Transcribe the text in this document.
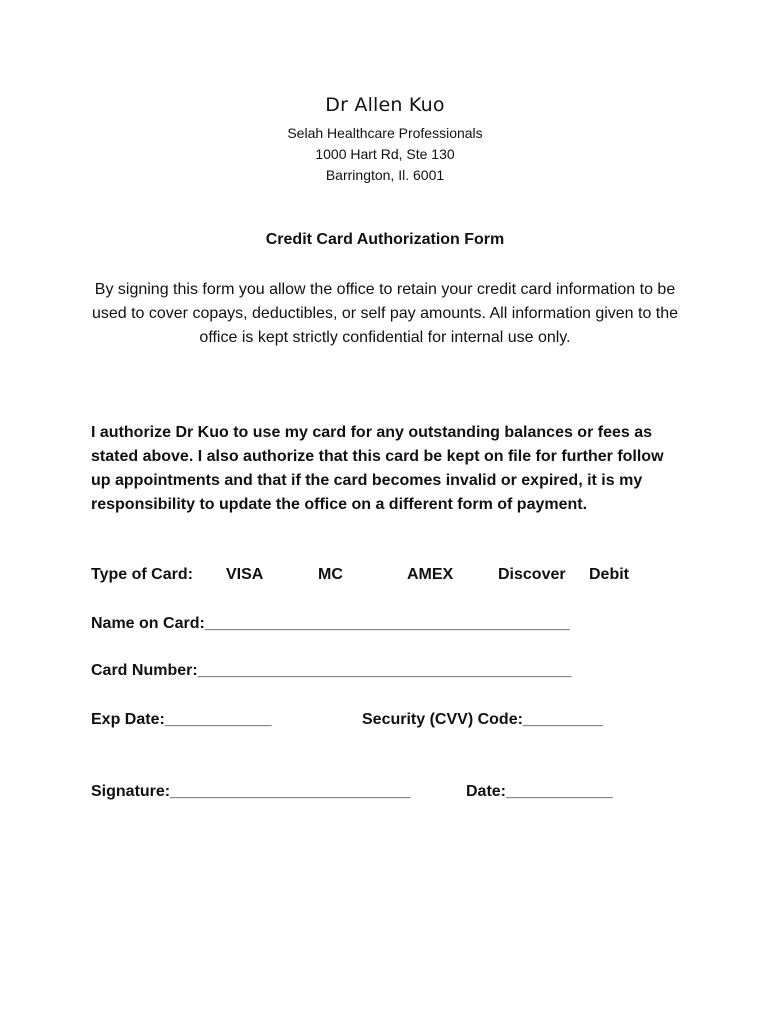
Dr Allen Kuo
Selah Healthcare Professionals
1000 Hart Rd, Ste 130
Barrington, Il. 6001
Credit Card Authorization Form
By signing this form you allow the office to retain your credit card information to be used to cover copays, deductibles, or self pay amounts. All information given to the office is kept strictly confidential for internal use only.
I authorize Dr Kuo to use my card for any outstanding balances or fees as stated above. I also authorize that this card be kept on file for further follow up appointments and that if the card becomes invalid or expired, it is my responsibility to update the office on a different form of payment.
Type of Card: VISA	MC	AMEX	Discover Debit
Name on Card:_________________________________________
Card Number:__________________________________________
Exp Date:____________	Security (CVV) Code:_________
Signature:___________________________	Date:____________
